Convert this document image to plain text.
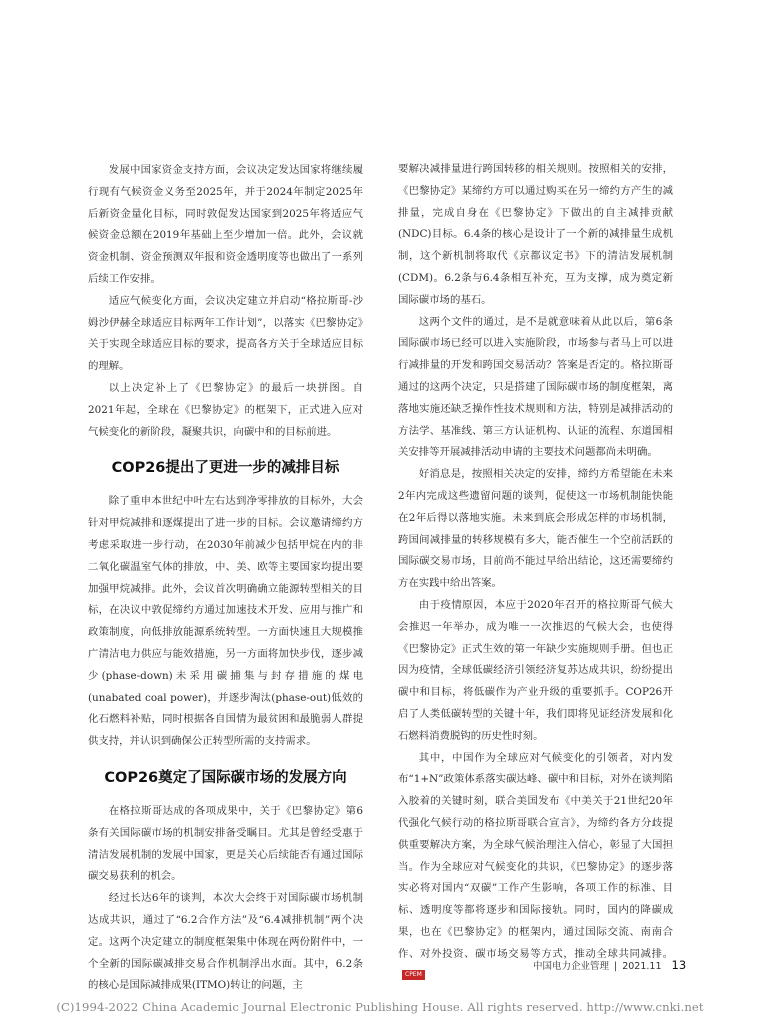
发展中国家资金支持方面，会议决定发达国家将继续履行现有气候资金义务至2025年，并于2024年制定2025年后新资金量化目标，同时敦促发达国家到2025年将适应气候资金总额在2019年基础上至少增加一倍。此外，会议就资金机制、资金预测双年报和资金透明度等也做出了一系列后续工作安排。

适应气候变化方面，会议决定建立并启动“格拉斯哥-沙姆沙伊赫全球适应目标两年工作计划”，以落实《巴黎协定》关于实现全球适应目标的要求，提高各方关于全球适应目标的理解。

以上决定补上了《巴黎协定》的最后一块拼图。自2021年起，全球在《巴黎协定》的框架下，正式进入应对气候变化的新阶段，凝聚共识，向碳中和的目标前进。

COP26提出了更进一步的减排目标

除了重申本世纪中叶左右达到净零排放的目标外，大会针对甲烷减排和逐煤提出了进一步的目标。会议邀请缔约方考虑采取进一步行动，在2030年前减少包括甲烷在内的非二氧化碳温室气体的排放，中、美、欧等主要国家均提出要加强甲烷减排。此外，会议首次明确确立能源转型相关的目标，在决议中敦促缔约方通过加速技术开发、应用与推广和政策制度，向低排放能源系统转型。一方面快速且大规模推广清洁电力供应与能效措施，另一方面将加快步伐，逐步减少(phase-down)未采用碳捕集与封存措施的煤电(unabated coal power)，并逐步淘汰(phase-out)低效的化石燃料补贴，同时根据各自国情为最贫困和最脆弱人群提供支持，并认识到确保公正转型所需的支持需求。

COP26奠定了国际碳市场的发展方向

在格拉斯哥达成的各项成果中，关于《巴黎协定》第6条有关国际碳市场的机制安排备受瞩目。尤其是曾经受惠于清洁发展机制的发展中国家，更是关心后续能否有通过国际碳交易获利的机会。

经过长达6年的谈判，本次大会终于对国际碳市场机制达成共识，通过了“6.2合作方法”及“6.4减排机制”两个决定。这两个决定建立的制度框架集中体现在两份附件中，一个全新的国际碳减排交易合作机制浮出水面。其中，6.2条的核心是国际减排成果(ITMO)转让的问题，主

要解决减排量进行跨国转移的相关规则。按照相关的安排，《巴黎协定》某缔约方可以通过购买在另一缔约方产生的减排量，完成自身在《巴黎协定》下做出的自主减排贡献(NDC)目标。6.4条的核心是设计了一个新的减排量生成机制，这个新机制将取代《京都议定书》下的清洁发展机制(CDM)。6.2条与6.4条相互补充，互为支撑，成为奠定新国际碳市场的基石。

这两个文件的通过，是不是就意味着从此以后，第6条国际碳市场已经可以进入实施阶段，市场参与者马上可以进行减排量的开发和跨国交易活动？答案是否定的。格拉斯哥通过的这两个决定，只是搭建了国际碳市场的制度框架，离落地实施还缺乏操作性技术规则和方法，特别是减排活动的方法学、基准线、第三方认证机构、认证的流程、东道国相关安排等开展减排活动申请的主要技术问题都尚未明确。

好消息是，按照相关决定的安排，缔约方希望能在未来2年内完成这些遗留问题的谈判，促使这一市场机制能快能在2年后得以落地实施。未来到底会形成怎样的市场机制，跨国间减排量的转移规模有多大，能否催生一个空前活跃的国际碳交易市场，目前尚不能过早给出结论，这还需要缔约方在实践中给出答案。

由于疫情原因，本应于2020年召开的格拉斯哥气候大会推迟一年举办，成为唯一一次推迟的气候大会，也使得《巴黎协定》正式生效的第一年缺少实施规则手册。但也正因为疫情，全球低碳经济引领经济复苏达成共识，纷纷提出碳中和目标，将低碳作为产业升级的重要抓手。COP26开启了人类低碳转型的关键十年，我们即将见证经济发展和化石燃料消费脱钩的历史性时刻。

其中，中国作为全球应对气候变化的引领者，对内发布“1+N”政策体系落实碳达峰、碳中和目标，对外在谈判陷入胶着的关键时刻，联合美国发布《中美关于21世纪20年代强化气候行动的格拉斯哥联合宣言》，为缔约各方分歧提供重要解决方案，为全球气候治理注入信心，彰显了大国担当。作为全球应对气候变化的共识，《巴黎协定》的逐步落实必将对国内“双碳”工作产生影响，各项工作的标准、目标、透明度等都将逐步和国际接轨。同时，国内的降碳成果，也在《巴黎协定》的框架内，通过国际交流、南南合作、对外投资、碳市场交易等方式，推动全球共同减排。CPEM

中国电力企业管理 | 2021.11 13
(C)1994-2022 China Academic Journal Electronic Publishing House. All rights reserved. http://www.cnki.net
